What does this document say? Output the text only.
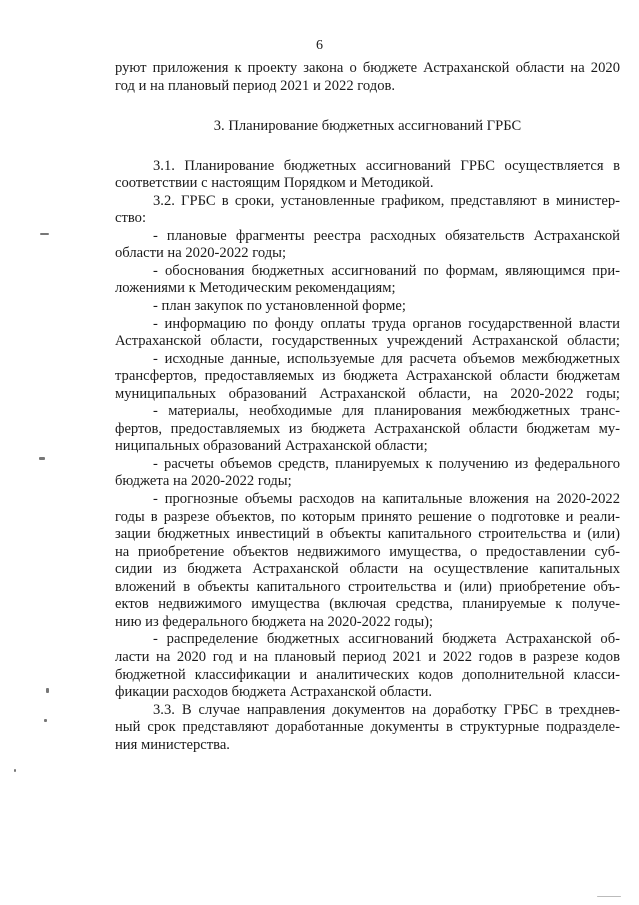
6

руют приложения к проекту закона о бюджете Астраханской области на 2020

год и на плановый период 2021 и 2022 годов.

3. Планирование бюджетных ассигнований ГРБС

3.1. Планирование бюджетных ассигнований ГРБС осуществляется в

соответствии с настоящим Порядком и Методикой.

3.2. ГРБС в сроки, установленные графиком, представляют в министер-

ство:

- плановые фрагменты реестра расходных обязательств Астраханской

области на 2020-2022 годы;

- обоснования бюджетных ассигнований по формам, являющимся при-

ложениями к Методическим рекомендациям;

- план закупок по установленной форме;

- информацию по фонду оплаты труда органов государственной власти

Астраханской области, государственных учреждений Астраханской области;

- исходные данные, используемые для расчета объемов межбюджетных

трансфертов, предоставляемых из бюджета Астраханской области бюджетам

муниципальных образований Астраханской области, на 2020-2022 годы;

- материалы, необходимые для планирования межбюджетных транс-

фертов, предоставляемых из бюджета Астраханской области бюджетам му-

ниципальных образований Астраханской области;

- расчеты объемов средств, планируемых к получению из федерального

бюджета на 2020-2022 годы;

- прогнозные объемы расходов на капитальные вложения на 2020-2022

годы в разрезе объектов, по которым принято решение о подготовке и реали-

зации бюджетных инвестиций в объекты капитального строительства и (или)

на приобретение объектов недвижимого имущества, о предоставлении суб-

сидии из бюджета Астраханской области на осуществление капитальных

вложений в объекты капитального строительства и (или) приобретение объ-

ектов недвижимого имущества (включая средства, планируемые к получе-

нию из федерального бюджета на 2020-2022 годы);

- распределение бюджетных ассигнований бюджета Астраханской об-

ласти на 2020 год и на плановый период 2021 и 2022 годов в разрезе кодов

бюджетной классификации и аналитических кодов дополнительной класси-

фикации расходов бюджета Астраханской области.

3.3. В случае направления документов на доработку ГРБС в трехднев-

ный срок представляют доработанные документы в структурные подразделе-

ния министерства.
